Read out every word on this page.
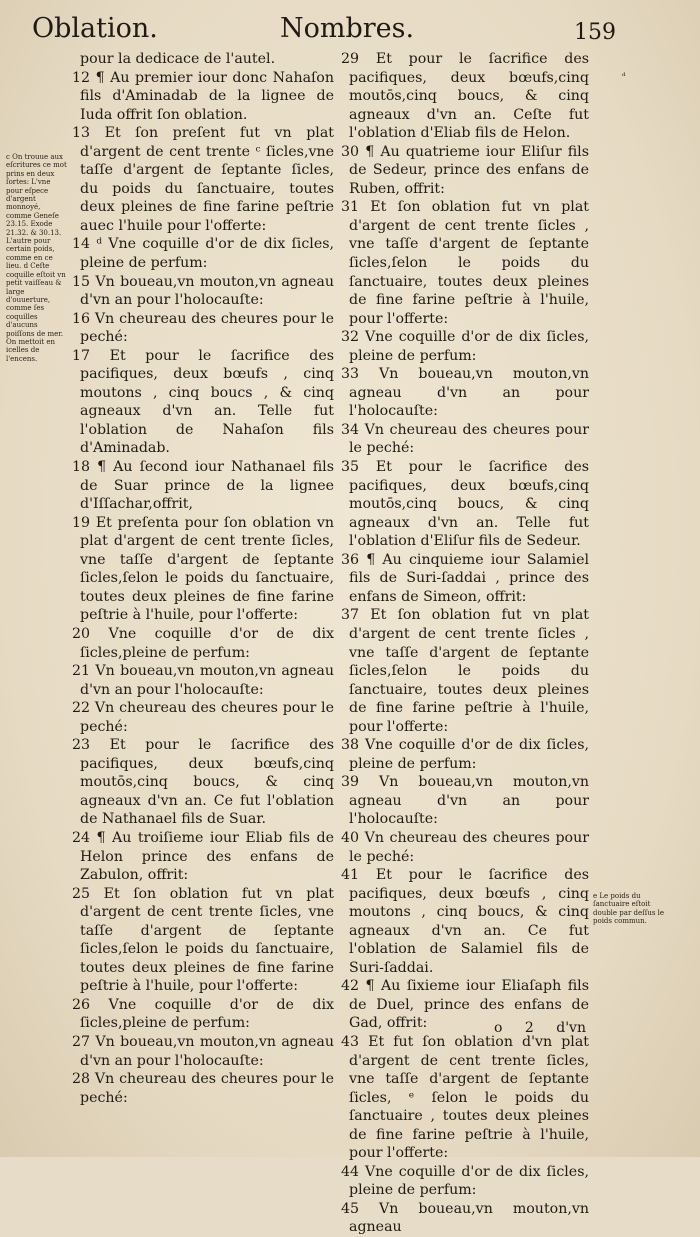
Oblation.	Nombres.	159
c On trouue aux eſcritures ce mot prins en deux ſortes: L'vne pour eſpece d'argent monnoyé, comme Geneſe 23.15. Exode 21.32. & 30.13. L'autre pour certain poids, comme en ce lieu. d Ceſte coquille eſtoit vn petit vaiſſeau & large d'ouuerture, comme ſes coquilles d'aucuns poiſſons de mer. On mettoit en icelles de l'encens.
ᵈ
e Le poids du ſanctuaire eſtoit double par deſſus le poids commun.

pour la dedicace de l'autel.

12 ¶ Au premier iour donc Nahaſon fils d'Aminadab de la lignee de Iuda offrit ſon oblation.

13 Et ſon preſent fut vn plat d'argent de cent trente ᶜ ſicles,vne taſſe d'argent de ſeptante ſicles, du poids du ſanctuaire, toutes deux pleines de fine farine peſtrie auec l'huile pour l'offerte:

14 ᵈ Vne coquille d'or de dix ſicles, pleine de perfum:

15 Vn boueau,vn mouton,vn agneau d'vn an pour l'holocauſte:

16 Vn cheureau des cheures pour le peché:

17 Et pour le ſacrifice des pacifiques, deux bœufs , cinq moutons , cinq boucs , & cinq agneaux d'vn an. Telle fut l'oblation de Nahaſon fils d'Aminadab.

18 ¶ Au ſecond iour Nathanael fils de Suar prince de la lignee d'Iſſachar,offrit,

19 Et preſenta pour ſon oblation vn plat d'argent de cent trente ſicles, vne taſſe d'argent de ſeptante ſicles,ſelon le poids du ſanctuaire, toutes deux pleines de fine farine peſtrie à l'huile, pour l'offerte:

20 Vne coquille d'or de dix ſicles,pleine de perfum:

21 Vn boueau,vn mouton,vn agneau d'vn an pour l'holocauſte:

22 Vn cheureau des cheures pour le peché:

23 Et pour le ſacrifice des pacifiques, deux bœufs,cinq moutōs,cinq boucs, & cinq agneaux d'vn an. Ce fut l'oblation de Nathanael fils de Suar.

24 ¶ Au troiſieme iour Eliab fils de Helon prince des enfans de Zabulon, offrit:

25 Et ſon oblation fut vn plat d'argent de cent trente ſicles, vne taſſe d'argent de ſeptante ſicles,ſelon le poids du ſanctuaire, toutes deux pleines de fine farine peſtrie à l'huile, pour l'offerte:

26 Vne coquille d'or de dix ſicles,pleine de perfum:

27 Vn boueau,vn mouton,vn agneau d'vn an pour l'holocauſte:

28 Vn cheureau des cheures pour le peché:

29 Et pour le ſacrifice des pacifiques, deux bœufs,cinq moutōs,cinq boucs, & cinq agneaux d'vn an. Ceſte fut l'oblation d'Eliab fils de Helon.

30 ¶ Au quatrieme iour Eliſur fils de Sedeur, prince des enfans de Ruben, offrit:

31 Et ſon oblation fut vn plat d'argent de cent trente ſicles , vne taſſe d'argent de ſeptante ſicles,ſelon le poids du ſanctuaire, toutes deux pleines de fine farine peſtrie à l'huile, pour l'offerte:

32 Vne coquille d'or de dix ſicles, pleine de perfum:

33 Vn boueau,vn mouton,vn agneau d'vn an pour l'holocauſte:

34 Vn cheureau des cheures pour le peché:

35 Et pour le ſacrifice des pacifiques, deux bœufs,cinq moutōs,cinq boucs, & cinq agneaux d'vn an. Telle fut l'oblation d'Eliſur fils de Sedeur.

36 ¶ Au cinquieme iour Salamiel fils de Suri-ſaddai , prince des enfans de Simeon, offrit:

37 Et ſon oblation fut vn plat d'argent de cent trente ſicles , vne taſſe d'argent de ſeptante ſicles,ſelon le poids du ſanctuaire, toutes deux pleines de fine farine peſtrie à l'huile, pour l'offerte:

38 Vne coquille d'or de dix ſicles, pleine de perfum:

39 Vn boueau,vn mouton,vn agneau d'vn an pour l'holocauſte:

40 Vn cheureau des cheures pour le peché:

41 Et pour le ſacrifice des pacifiques, deux bœufs , cinq moutons , cinq boucs, & cinq agneaux d'vn an. Ce fut l'oblation de Salamiel fils de Suri-ſaddai.

42 ¶ Au ſixieme iour Eliaſaph fils de Duel, prince des enfans de Gad, offrit:

43 Et fut ſon oblation d'vn plat d'argent de cent trente ſicles, vne taſſe d'argent de ſeptante ſicles, ᵉ ſelon le poids du ſanctuaire , toutes deux pleines de fine farine peſtrie à l'huile, pour l'offerte:

44 Vne coquille d'or de dix ſicles, pleine de perfum:

45 Vn boueau,vn mouton,vn agneau

o 2 d'vn
